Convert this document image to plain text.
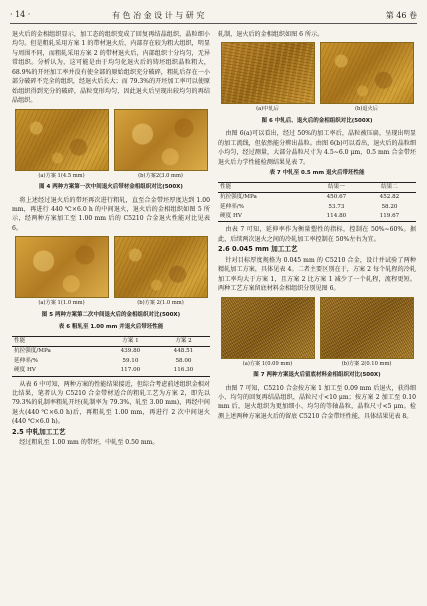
· 14 ·	有 色 冶 金 设 计 与 研 究	第 46 卷

退火后的金相组织显示，加工态的组织变成了回复再结晶组织，晶粒细小均匀。但是粗轧采用方案 1 的带材退火后，内部存在较为粗大组织，明显与周围不同，而粗轧采用方案 2 的带材退火后，内部组织十分均匀，无异常组织。分析认为，这可能是由于均匀化退火后的铸坯组织晶粒粗大，68.9%的开坯加工率并没有使全部的原始组织充分破碎，粗轧后存在一小部分破碎不完全的组织，经退火后长大；而 79.3%的开坯加工率可以使原始组织得到充分的破碎，晶粒变形均匀，因此退火后呈现出较均匀的再结晶组织。

(a)方案 1(4.5 mm)	(b)方案2(3.0 mm)
图 4 两种方案第一次中间退火后带材金相组织对比(500X)

将上述经过退火后的带坯再次进行粗轧，直至合金带坯厚度达到 1.00 mm，再进行 440 ℃×6.0 h 的中间退火，退火后的金相组织如图 5 所示，经两种方案加工至 1.00 mm 后的 C5210 合金退火性能对比见表 6。

(a)方案 1(1.0 mm)	(b)方案 2(1.0 mm)
图 5 两种方案第二次中间退火后的金相组织对比(500X)
表 6 粗轧至 1.00 mm 并退火后带坯性能
性能	方案 1	方案 2
抗拉强度/MPa	439.80	448.51
延伸率/%	59.10	58.00
硬度 HV	117.00	116.30

从表 6 中可知，两种方案的性能结果接近，但综合考虑前述组织金相对比结果，笔者认为 C5210 合金带材适合的粗轧工艺为方案 2，即先以 79.3%的轧制率粗轧开坯(轧制率为 79.3%，轧至 3.00 mm)，再经中间退火(440 ℃×6.0 h)后，再粗轧至 1.00 mm，再进行 2 次中间退火(440 ℃×6.0 h)。

2.5 中轧加工工艺

经过粗轧至 1.00 mm 的带坯，中轧至 0.50 mm。

轧制，退火后的金相组织如图 6 所示。

(a)中轧后	(b)退火后
图 6 中轧后、退火后的金相组织对比(500X)

由图 6(a)可以看出，经过 50%的加工率后，晶粒被压扁，呈现出明显的加工流线，但依然能分辨出晶粒。由图 6(b)可以看出，退火后的晶粒细小均匀，经过测量，大部分晶粒尺寸为 4.5~6.0 μm，0.5 mm 合金带坯退火后力学性能检测结果见表 7。

表 7 中轧至 0.5 mm 退火后带坯性能
性能	结果一	结果二
抗拉强度/MPa	450.67	452.82
延伸率/%	53.73	58.20
硬度 HV	114.80	119.67

由表 7 可知，延伸率作为衡量塑性的指标，控制在 50%~60%。据此，后续两次退火之间的冷轧加工率控制在 50%左右为宜。

2.6 0.045 mm 加工工艺

针对目标厚度规格为 0.045 mm 的 C5210 合金，设计并试验了两种精轧加工方案，具体见表 4。二者主要区别在于，方案 2 每个轧程的冷轧加工率均大于方案 1，且方案 2 比方案 1 减少了一个轧程，流程更短。两种工艺方案留底材料金相组织分别见图 6。

(a)方案 1(0.09 mm)	(b)方案 2(0.10 mm)
图 7 两种方案退火后留底材料金相组织对比(500X)

由图 7 可知，C5210 合金按方案 1 加工至 0.09 mm 后退火，获得细小、均匀的回复再结晶组织，晶粒尺寸<10 μm；按方案 2 加工至 0.10 mm 后，退火组织为更加细小、均匀的等轴晶粒，晶粒尺寸<5 μm。检测上述两种方案退火后的留底 C5210 合金带坯性能，具体结果见表 8。
